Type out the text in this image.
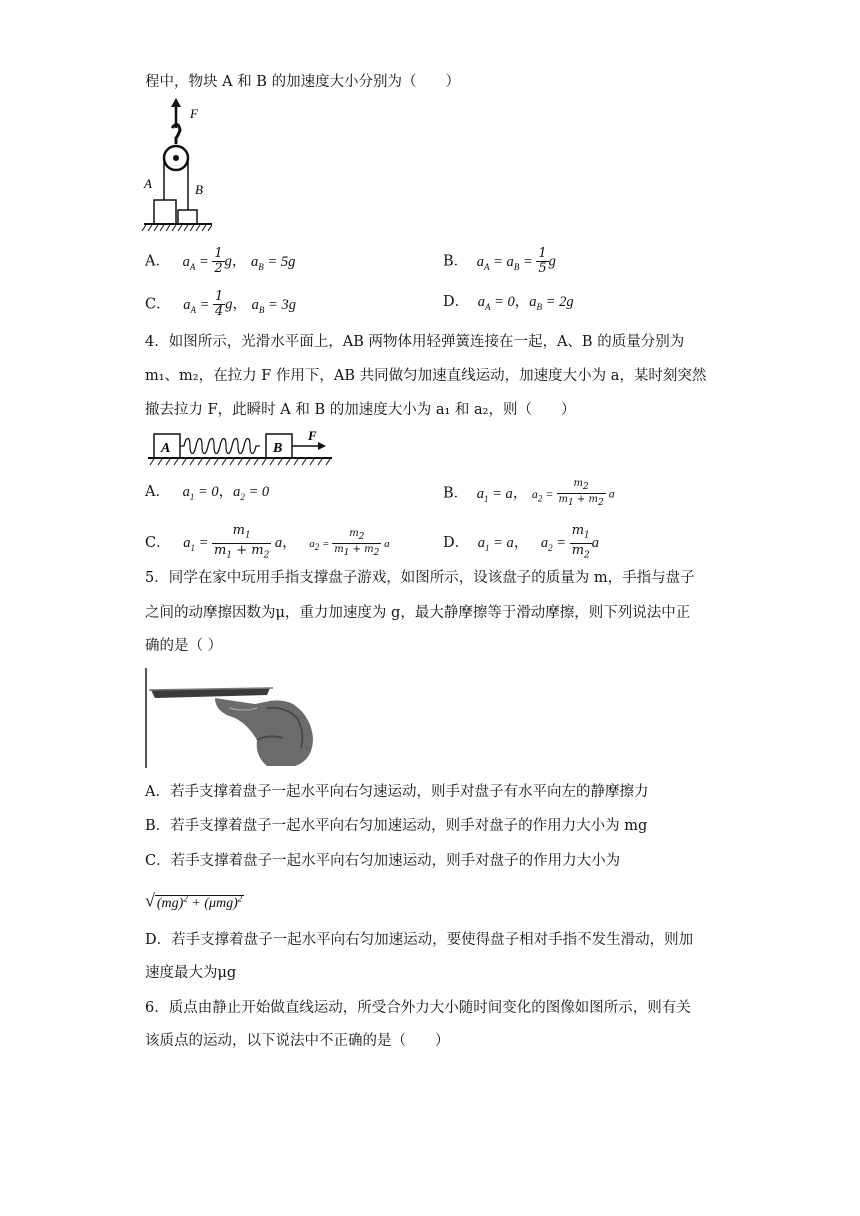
程中，物块 A 和 B 的加速度大小分别为（　　）
F
A	B
A． $a_A = \frac{1}{2}$ g， $a_B = 5g$	B． $a_A = a_B = \frac{1}{5}$ g
C． $a_A = \frac{1}{4}$ g， $a_B = 3g$	D． $a_A = 0$，$a_B = 2g$
4．如图所示，光滑水平面上，AB 两物体用轻弹簧连接在一起，A、B 的质量分别为
m₁、m₂，在拉力 F 作用下，AB 共同做匀加速直线运动，加速度大小为 a，某时刻突然
撤去拉力 F，此瞬时 A 和 B 的加速度大小为 a₁ 和 a₂，则（　　）
A	B
F
A． $a_1 = 0$，$a_2 = 0$	B． $a_1 = a$， $a_2 = \frac{m_2}{m_1 + m_2}$ a
C． $a_1 = \frac{m_1}{m_1 + m_2}$ a， $a_2 = \frac{m_2}{m_1 + m_2}$ a	D． $a_1 = a$， $a_2 = \frac{m_1}{m_2}$ a
5．同学在家中玩用手指支撑盘子游戏，如图所示，设该盘子的质量为 m，手指与盘子
之间的动摩擦因数为μ，重力加速度为 g，最大静摩擦等于滑动摩擦，则下列说法中正
确的是（ ）
A．若手支撑着盘子一起水平向右匀速运动，则手对盘子有水平向左的静摩擦力
B．若手支撑着盘子一起水平向右匀加速运动，则手对盘子的作用力大小为 mg
C．若手支撑着盘子一起水平向右匀加速运动，则手对盘子的作用力大小为
√ $(mg)^2 + (\mu mg)^2$
D．若手支撑着盘子一起水平向右匀加速运动，要使得盘子相对手指不发生滑动，则加
速度最大为μg
6．质点由静止开始做直线运动，所受合外力大小随时间变化的图像如图所示，则有关
该质点的运动，以下说法中不正确的是（　　）
